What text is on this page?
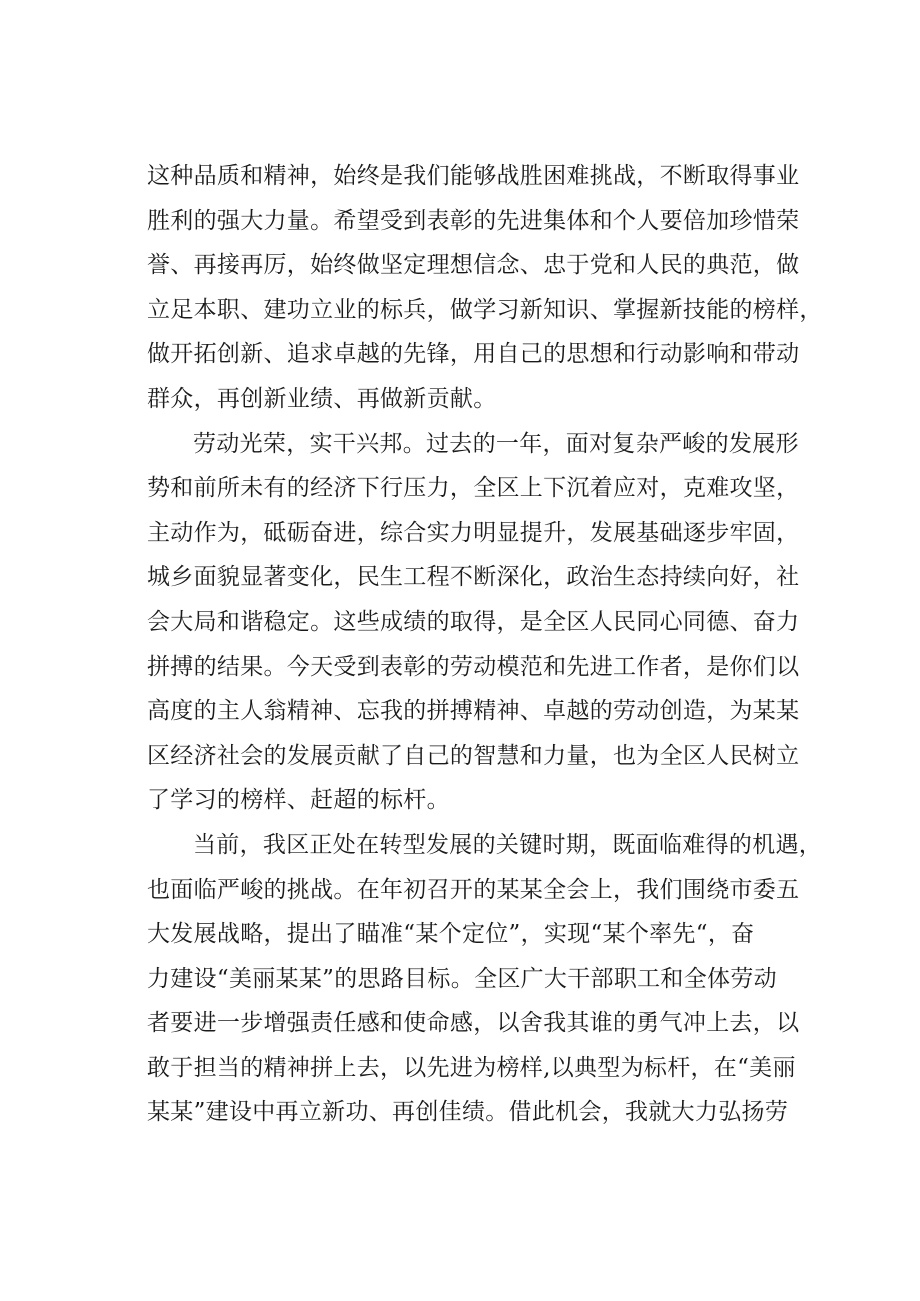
这种品质和精神，始终是我们能够战胜困难挑战，不断取得事业
胜利的强大力量。希望受到表彰的先进集体和个人要倍加珍惜荣
誉、再接再厉，始终做坚定理想信念、忠于党和人民的典范，做
立足本职、建功立业的标兵，做学习新知识、掌握新技能的榜样，
做开拓创新、追求卓越的先锋，用自己的思想和行动影响和带动
群众，再创新业绩、再做新贡献。

劳动光荣，实干兴邦。过去的一年，面对复杂严峻的发展形
势和前所未有的经济下行压力，全区上下沉着应对，克难攻坚，
主动作为，砥砺奋进，综合实力明显提升，发展基础逐步牢固，
城乡面貌显著变化，民生工程不断深化，政治生态持续向好，社
会大局和谐稳定。这些成绩的取得，是全区人民同心同德、奋力
拼搏的结果。今天受到表彰的劳动模范和先进工作者，是你们以
高度的主人翁精神、忘我的拼搏精神、卓越的劳动创造，为某某
区经济社会的发展贡献了自己的智慧和力量，也为全区人民树立
了学习的榜样、赶超的标杆。

当前，我区正处在转型发展的关键时期，既面临难得的机遇，
也面临严峻的挑战。在年初召开的某某全会上，我们围绕市委五
大发展战略，提出了瞄准“某个定位”，实现“某个率先“，奋
力建设“美丽某某”的思路目标。全区广大干部职工和全体劳动
者要进一步增强责任感和使命感，以舍我其谁的勇气冲上去，以
敢于担当的精神拼上去，以先进为榜样,以典型为标杆，在“美丽
某某”建设中再立新功、再创佳绩。借此机会，我就大力弘扬劳
